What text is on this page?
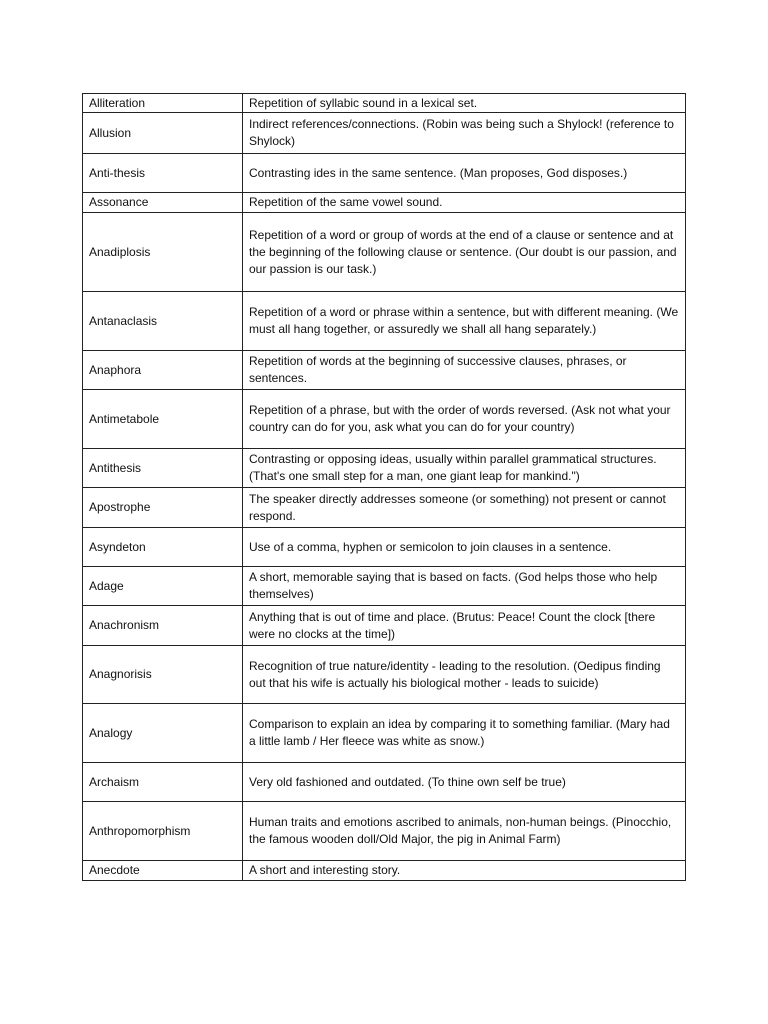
Alliteration	Repetition of syllabic sound in a lexical set.
Allusion	Indirect references/connections. (Robin was being such a Shylock! (reference to Shylock)
Anti-thesis	Contrasting ides in the same sentence. (Man proposes, God disposes.)
Assonance	Repetition of the same vowel sound.
Anadiplosis	Repetition of a word or group of words at the end of a clause or sentence and at the beginning of the following clause or sentence. (Our doubt is our passion, and our passion is our task.)
Antanaclasis	Repetition of a word or phrase within a sentence, but with different meaning. (We must all hang together, or assuredly we shall all hang separately.)
Anaphora	Repetition of words at the beginning of successive clauses, phrases, or sentences.
Antimetabole	Repetition of a phrase, but with the order of words reversed. (Ask not what your country can do for you, ask what you can do for your country)
Antithesis	Contrasting or opposing ideas, usually within parallel grammatical structures. (That's one small step for a man, one giant leap for mankind.")
Apostrophe	The speaker directly addresses someone (or something) not present or cannot respond.
Asyndeton	Use of a comma, hyphen or semicolon to join clauses in a sentence.
Adage	A short, memorable saying that is based on facts. (God helps those who help themselves)
Anachronism	Anything that is out of time and place. (Brutus: Peace! Count the clock [there were no clocks at the time])
Anagnorisis	Recognition of true nature/identity - leading to the resolution. (Oedipus finding out that his wife is actually his biological mother - leads to suicide)
Analogy	Comparison to explain an idea by comparing it to something familiar. (Mary had a little lamb / Her fleece was white as snow.)
Archaism	Very old fashioned and outdated. (To thine own self be true)
Anthropomorphism	Human traits and emotions ascribed to animals, non-human beings. (Pinocchio, the famous wooden doll/Old Major, the pig in Animal Farm)
Anecdote	A short and interesting story.
